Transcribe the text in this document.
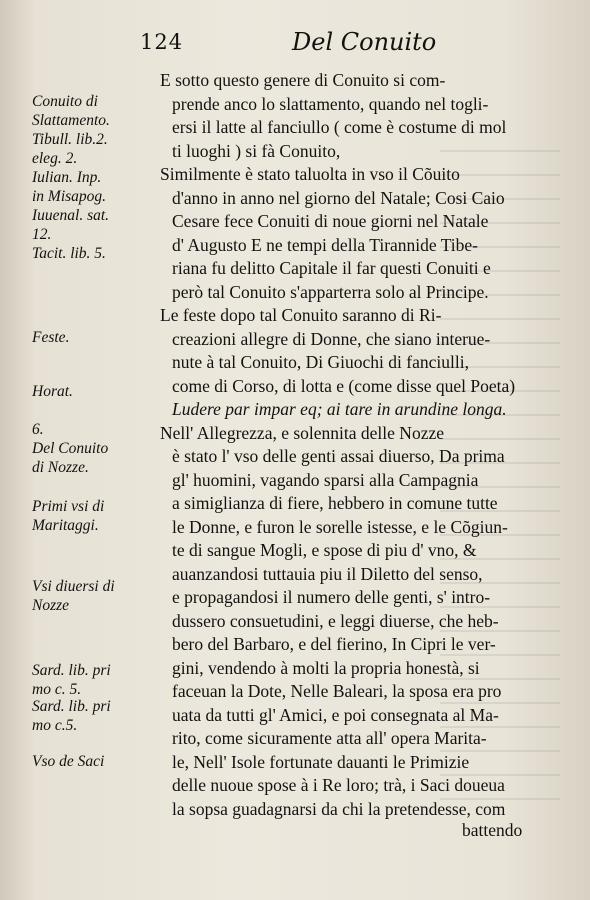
124	Del Conuito
Conuito di
Slattamento.
Tibull. lib.2.
eleg. 2.
Iulian. Inp.
in Misapog.
Iuuenal. sat.
12.
Tacit. lib. 5.
Feste.
Horat.
6.
Del Conuito
di Nozze.
Primi vsi di
Maritaggi.
Vsi diuersi di
Nozze
Sard. lib. pri
mo c. 5.
Sard. lib. pri
mo c.5.
Vso de Saci
E sotto questo genere di Conuito si com-
prende anco lo slattamento, quando nel togli-
ersi il latte al fanciullo ( come è costume di mol
ti luoghi ) si fà Conuito,
Similmente è stato taluolta in vso il Cõuito
d'anno in anno nel giorno del Natale; Cosi Caio
Cesare fece Conuiti di noue giorni nel Natale
d' Augusto E ne tempi della Tirannide Tibe-
riana fu delitto Capitale il far questi Conuiti e
però tal Conuito s'apparterra solo al Principe.
Le feste dopo tal Conuito saranno di Ri-
creazioni allegre di Donne, che siano interue-
nute à tal Conuito, Di Giuochi di fanciulli,
come di Corso, di lotta e (come disse quel Poeta)
Ludere par impar eq; ai tare in arundine longa.
Nell' Allegrezza, e solennita delle Nozze
è stato l' vso delle genti assai diuerso, Da prima
gl' huomini, vagando sparsi alla Campagnia
a simiglianza di fiere, hebbero in comune tutte
le Donne, e furon le sorelle istesse, e le Cõgiun-
te di sangue Mogli, e spose di piu d' vno, &
auanzandosi tuttauia piu il Diletto del senso,
e propagandosi il numero delle genti, s' intro-
dussero consuetudini, e leggi diuerse, che heb-
bero del Barbaro, e del fierino, In Cipri le ver-
gini, vendendo à molti la propria honestà, si
faceuan la Dote, Nelle Baleari, la sposa era pro
uata da tutti gl' Amici, e poi consegnata al Ma-
rito, come sicuramente atta all' opera Marita-
le, Nell' Isole fortunate dauanti le Primizie
delle nuoue spose à i Re loro; trà, i Saci doueua
la sopsa guadagnarsi da chi la pretendesse, com
battendo
